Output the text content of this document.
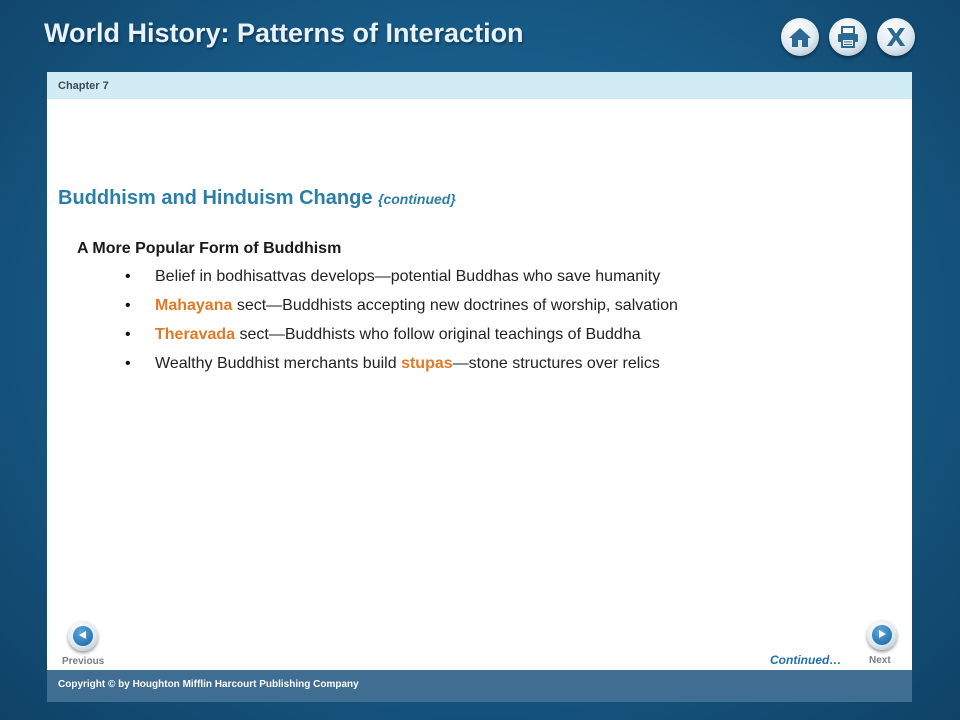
World History: Patterns of Interaction	X
Chapter 7
Buddhism and Hinduism Change {continued}
A More Popular Form of Buddhism
• Belief in bodhisattvas develops—potential Buddhas who save humanity
• Mahayana sect—Buddhists accepting new doctrines of worship, salvation
• Theravada sect—Buddhists who follow original teachings of Buddha
• Wealthy Buddhist merchants build stupas—stone structures over relics
Previous	Continued…	Next
Copyright © by Houghton Mifflin Harcourt Publishing Company
